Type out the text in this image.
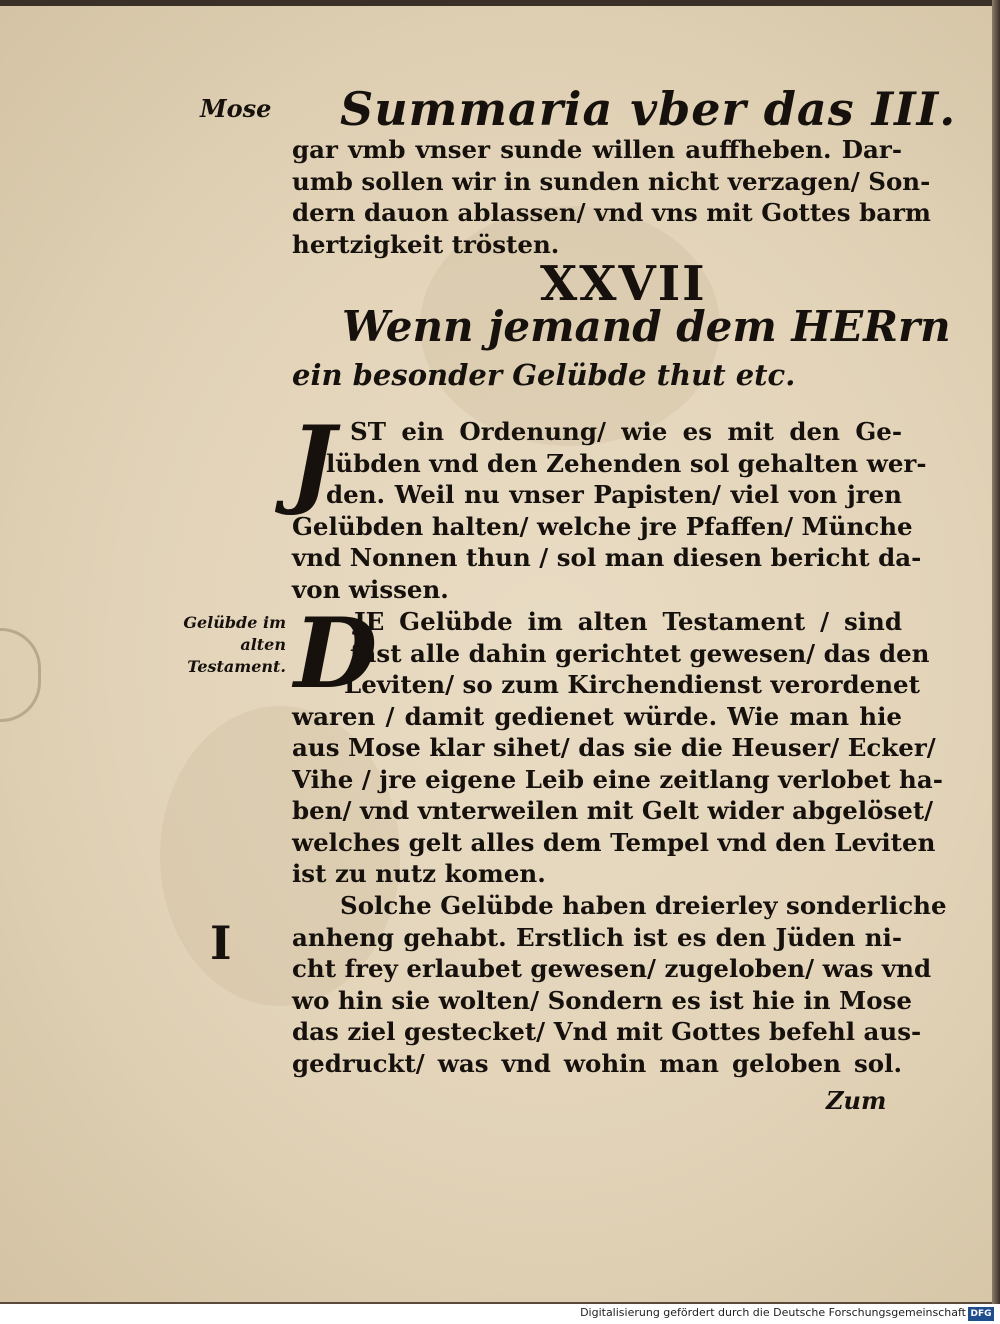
Mose Summaria vber das III.
gar vmb vnser sunde willen auffheben. Dar-
umb sollen wir in sunden nicht verzagen/ Son-
dern dauon ablassen/ vnd vns mit Gottes barm
hertzigkeit trösten.
XXVII
Wenn jemand dem HERrn
ein besonder Gelübde thut etc.
J ST ein Ordenung/ wie es mit den Ge-
lübden vnd den Zehenden sol gehalten wer-
den. Weil nu vnser Papisten/ viel von jren
Gelübden halten/ welche jre Pfaffen/ Münche
vnd Nonnen thun / sol man diesen bericht da-
von wissen.
Gelübde im alten Testament. D
JE Gelübde im alten Testament / sind
fast alle dahin gerichtet gewesen/ das den
Leviten/ so zum Kirchendienst verordenet
waren / damit gedienet würde. Wie man hie
aus Mose klar sihet/ das sie die Heuser/ Ecker/
Vihe / jre eigene Leib eine zeitlang verlobet ha-
ben/ vnd vnterweilen mit Gelt wider abgelöset/
welches gelt alles dem Tempel vnd den Leviten
ist zu nutz komen.
I
Solche Gelübde haben dreierley sonderliche
anheng gehabt. Erstlich ist es den Jüden ni-
cht frey erlaubet gewesen/ zugeloben/ was vnd
wo hin sie wolten/ Sondern es ist hie in Mose
das ziel gestecket/ Vnd mit Gottes befehl aus-
gedruckt/ was vnd wohin man geloben sol.
Zum
Digitalisierung gefördert durch die Deutsche Forschungsgemeinschaft DFG
